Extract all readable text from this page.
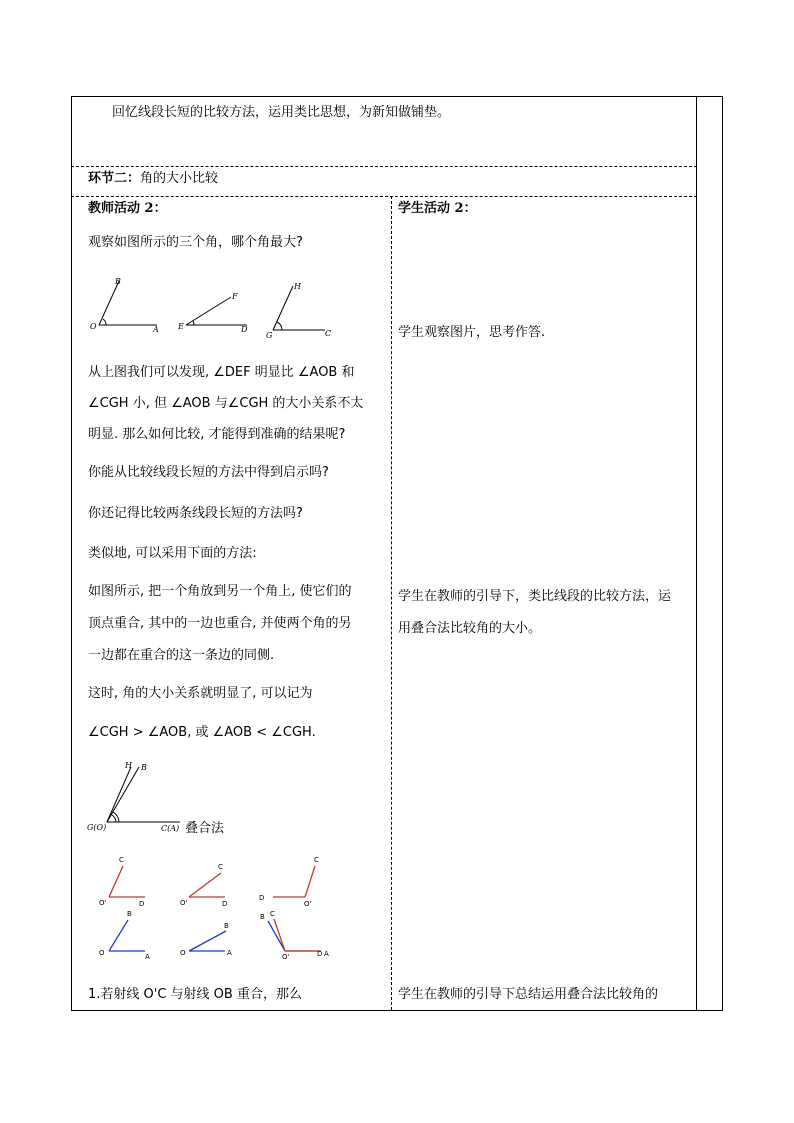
回忆线段长短的比较方法，运用类比思想，为新知做铺垫。
环节二：角的大小比较
教师活动 2：
观察如图所示的三个角，哪个角最大?
B
O	A
F
E	D
H
G	C
从上图我们可以发现, ∠DEF 明显比 ∠AOB 和
∠CGH 小, 但 ∠AOB 与∠CGH 的大小关系不太
明显. 那么如何比较, 才能得到准确的结果呢?
你能从比较线段长短的方法中得到启示吗?
你还记得比较两条线段长短的方法吗?
类似地, 可以采用下面的方法:
如图所示, 把一个角放到另一个角上, 使它们的
顶点重合, 其中的一边也重合, 并使两个角的另
一边都在重合的这一条边的同侧.
这时, 角的大小关系就明显了, 可以记为
∠CGH > ∠AOB, 或 ∠AOB < ∠CGH.
H B
G(O)	C(A) 叠合法
C
O'	D
B
O	A
C
O'	D
B
O	A
C
D
O'
B C
O'	D A
1.若射线 O'C 与射线 OB 重合，那么
学生活动 2：
学生观察图片，思考作答.
学生在教师的引导下，类比线段的比较方法，运
用叠合法比较角的大小。
学生在教师的引导下总结运用叠合法比较角的
